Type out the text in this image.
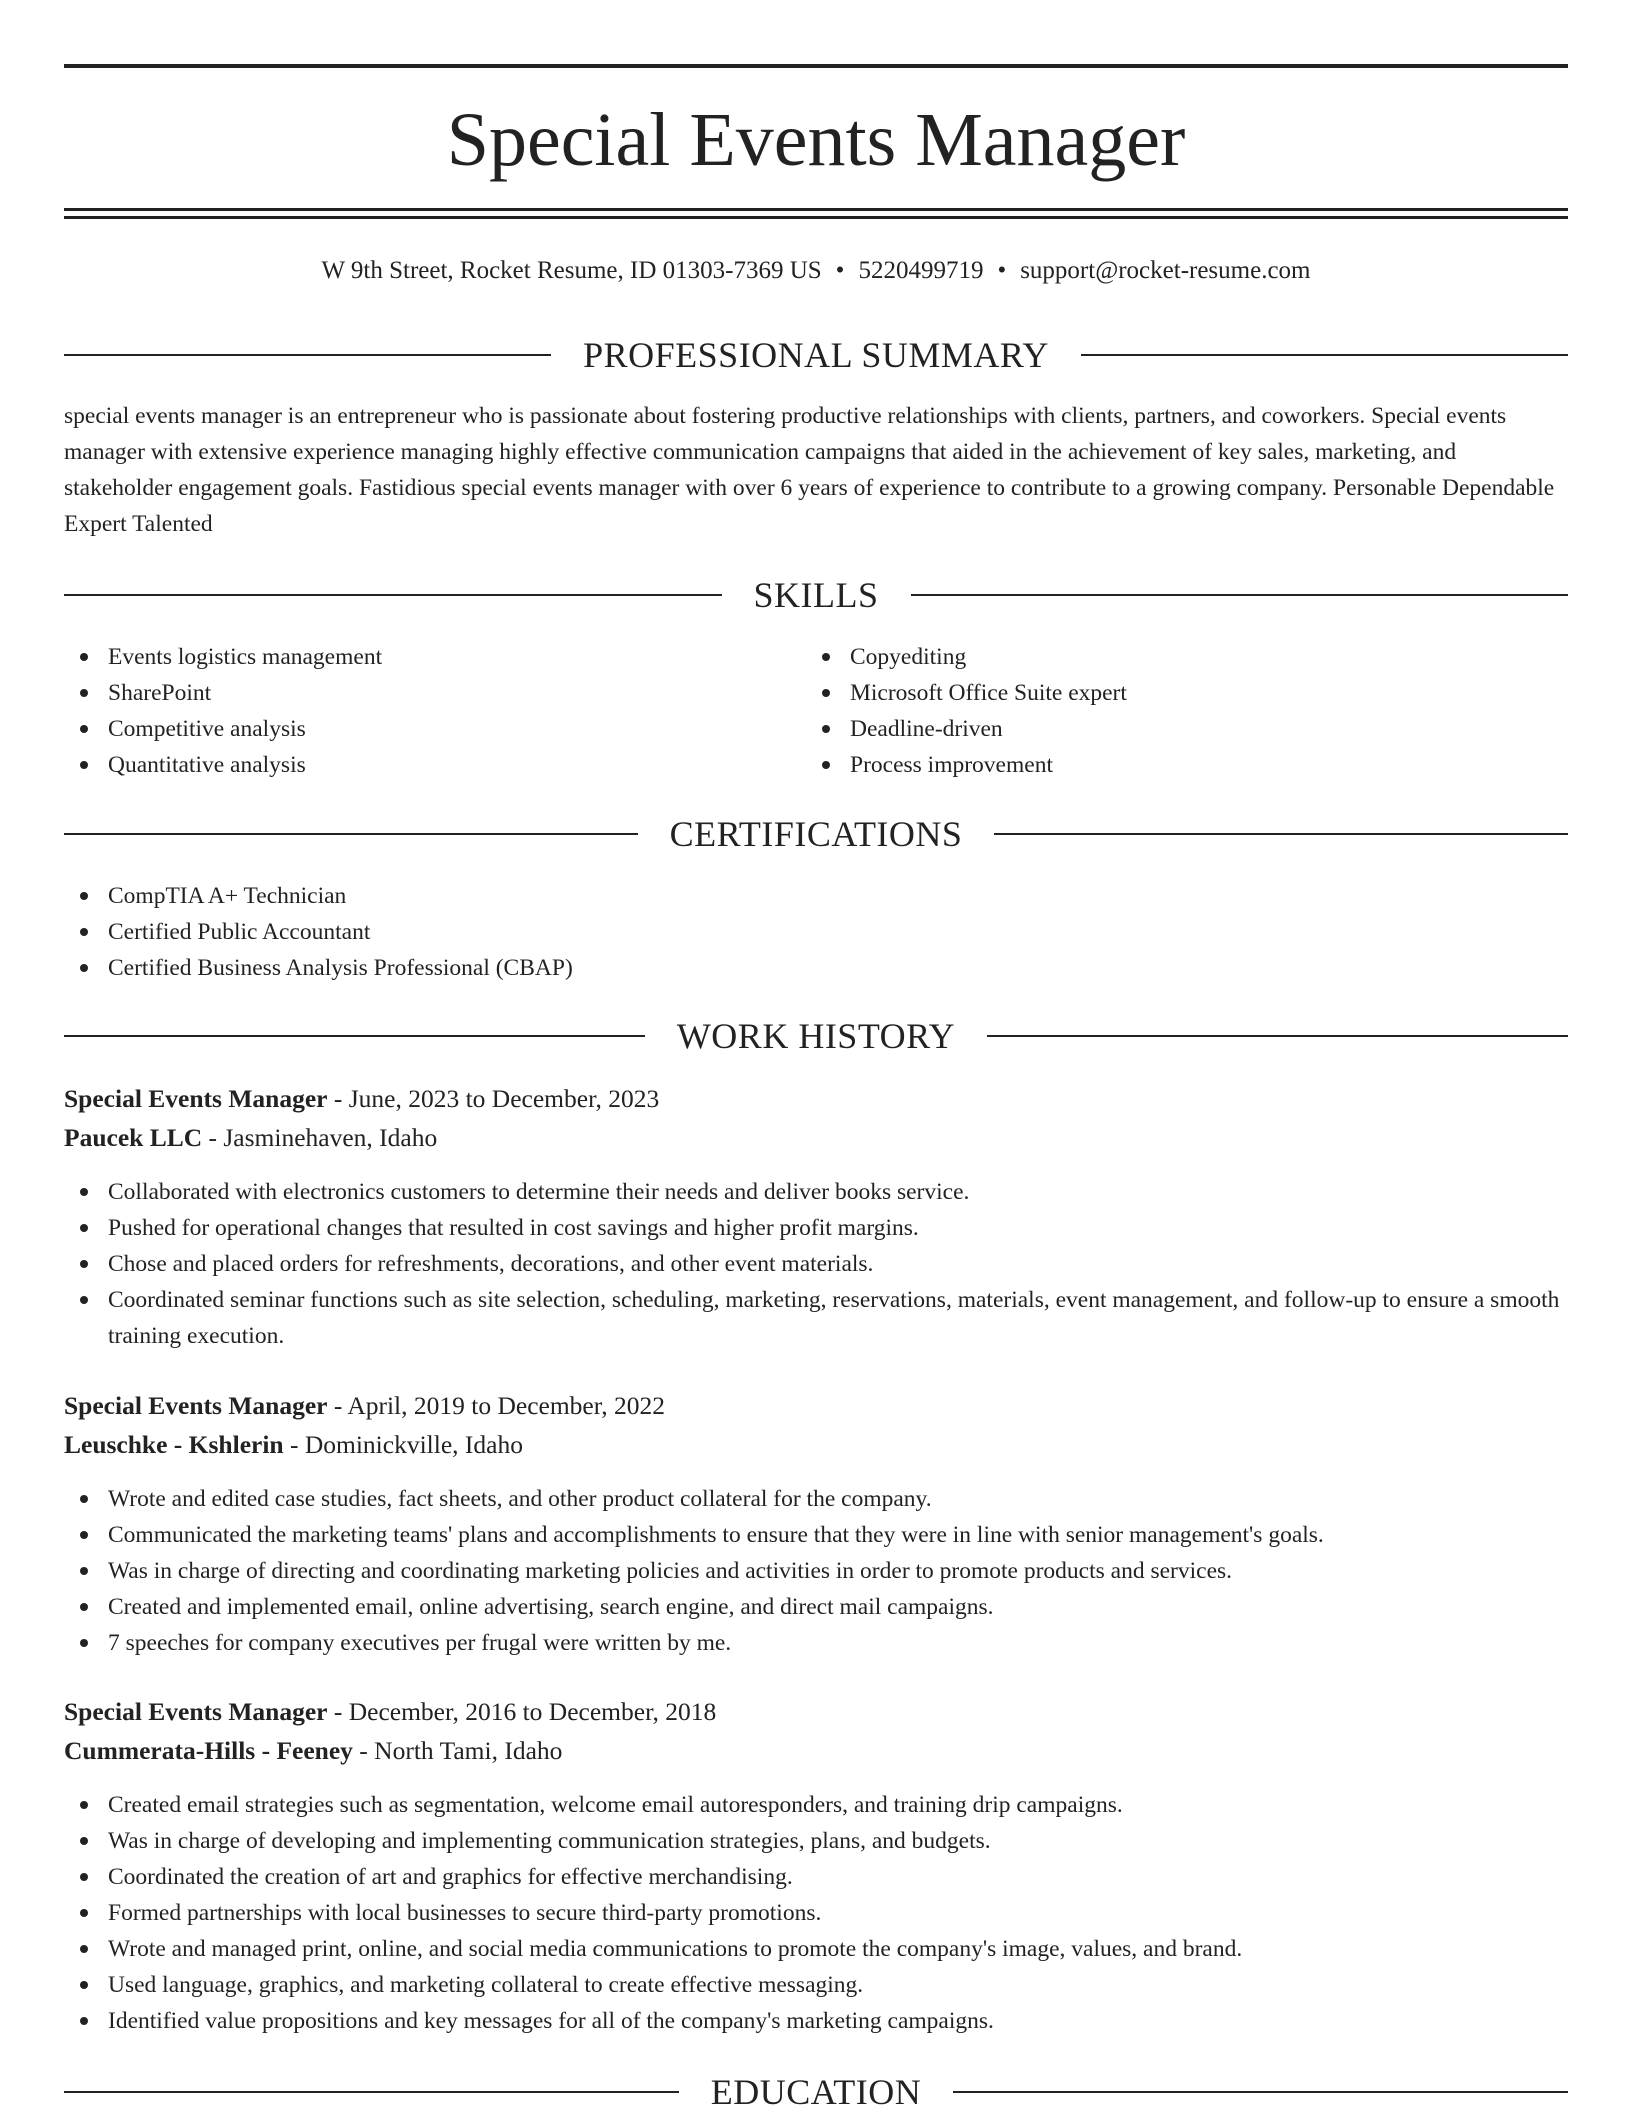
Special Events Manager
W 9th Street, Rocket Resume, ID 01303-7369 US • 5220499719 • support@rocket-resume.com
PROFESSIONAL SUMMARY

special events manager is an entrepreneur who is passionate about fostering productive relationships with clients, partners, and coworkers. Special events manager with extensive experience managing highly effective communication campaigns that aided in the achievement of key sales, marketing, and stakeholder engagement goals. Fastidious special events manager with over 6 years of experience to contribute to a growing company. Personable Dependable Expert Talented

SKILLS
Events logistics management
SharePoint
Competitive analysis
Quantitative analysis
Copyediting
Microsoft Office Suite expert
Deadline-driven
Process improvement
CERTIFICATIONS
CompTIA A+ Technician
Certified Public Accountant
Certified Business Analysis Professional (CBAP)
WORK HISTORY
Special Events Manager - June, 2023 to December, 2023
Paucek LLC - Jasminehaven, Idaho
Collaborated with electronics customers to determine their needs and deliver books service.
Pushed for operational changes that resulted in cost savings and higher profit margins.
Chose and placed orders for refreshments, decorations, and other event materials.
Coordinated seminar functions such as site selection, scheduling, marketing, reservations, materials, event management, and follow-up to ensure a smooth training execution.
Special Events Manager - April, 2019 to December, 2022
Leuschke - Kshlerin - Dominickville, Idaho
Wrote and edited case studies, fact sheets, and other product collateral for the company.
Communicated the marketing teams' plans and accomplishments to ensure that they were in line with senior management's goals.
Was in charge of directing and coordinating marketing policies and activities in order to promote products and services.
Created and implemented email, online advertising, search engine, and direct mail campaigns.
7 speeches for company executives per frugal were written by me.
Special Events Manager - December, 2016 to December, 2018
Cummerata-Hills - Feeney - North Tami, Idaho
Created email strategies such as segmentation, welcome email autoresponders, and training drip campaigns.
Was in charge of developing and implementing communication strategies, plans, and budgets.
Coordinated the creation of art and graphics for effective merchandising.
Formed partnerships with local businesses to secure third-party promotions.
Wrote and managed print, online, and social media communications to promote the company's image, values, and brand.
Used language, graphics, and marketing collateral to create effective messaging.
Identified value propositions and key messages for all of the company's marketing campaigns.
EDUCATION
